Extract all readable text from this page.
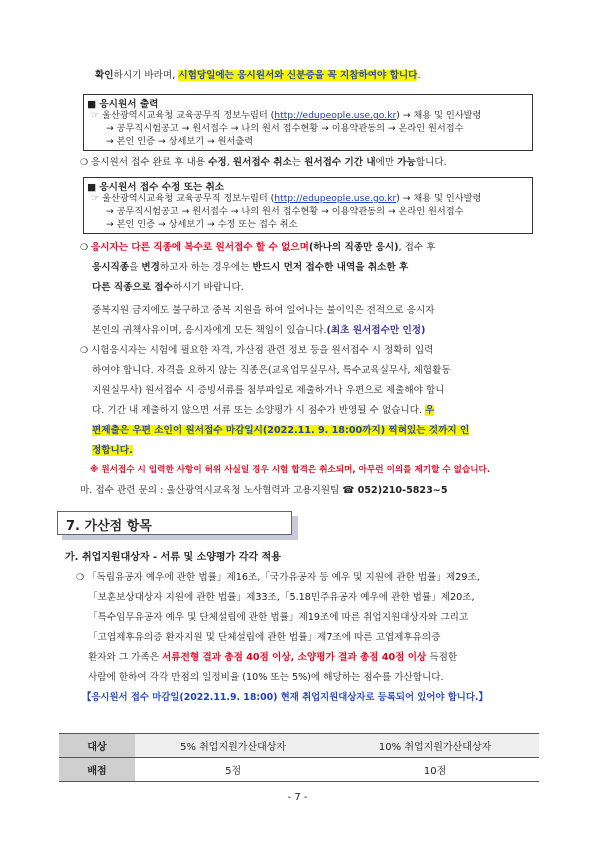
확인하시기 바라며, 시험당일에는 응시원서와 신분증을 꼭 지참하여야 합니다.
■ 응시원서 출력
☞ 울산광역시교육청 교육공무직 정보누림터 (http://edupeople.use.go.kr) → 채용 및 인사발령
→ 공무직시험공고 → 원서접수 → 나의 원서 접수현황 → 이용약관동의 → 온라인 원서접수
→ 본인 인증 → 상세보기 → 원서출력
❍ 응시원서 접수 완료 후 내용 수정, 원서접수 취소는 원서접수 기간 내에만 가능합니다.
■ 응시원서 접수 수정 또는 취소
☞ 울산광역시교육청 교육공무직 정보누림터 (http://edupeople.use.go.kr) → 채용 및 인사발령
→ 공무직시험공고 → 원서접수 → 나의 원서 접수현황 → 이용약관동의 → 온라인 원서접수
→ 본인 인증 → 상세보기 → 수정 또는 접수 취소
❍ 응시자는 다른 직종에 복수로 원서접수 할 수 없으며(하나의 직종만 응시), 접수 후
응시직종을 변경하고자 하는 경우에는 반드시 먼저 접수한 내역을 취소한 후
다른 직종으로 접수하시기 바랍니다.
중복지원 금지에도 불구하고 중복 지원을 하여 일어나는 불이익은 전적으로 응시자
본인의 귀책사유이며, 응시자에게 모든 책임이 있습니다.(최초 원서접수만 인정)
❍ 시험응시자는 시험에 필요한 자격, 가산점 관련 정보 등을 원서접수 시 정확히 입력
하여야 합니다. 자격을 요하지 않는 직종은(교육업무실무사, 특수교육실무사, 체험활동
지원실무사) 원서접수 시 증빙서류를 첨부파일로 제출하거나 우편으로 제출해야 합니
다. 기간 내 제출하지 않으면 서류 또는 소양평가 시 점수가 반영될 수 없습니다. 우
편제출은 우편 소인이 원서접수 마감일시(2022.11. 9. 18:00까지) 찍혀있는 것까지 인
정합니다.
※ 원서접수 시 입력한 사항이 허위 사실일 경우 시험 합격은 취소되며, 아무런 이의를 제기할 수 없습니다.
마. 접수 관련 문의 : 울산광역시교육청 노사협력과 고용지원팀 ☎ 052)210-5823~5
7. 가산점 항목
가. 취업지원대상자 - 서류 및 소양평가 각각 적용
❍ 「독립유공자 예우에 관한 법률」제16조,「국가유공자 등 예우 및 지원에 관한 법률」제29조,
「보훈보상대상자 지원에 관한 법률」제33조,「5.18민주유공자 예우에 관한 법률」제20조,
「특수임무유공자 예우 및 단체설립에 관한 법률」제19조에 따른 취업지원대상자와 그리고
「고엽제후유의증 환자지원 및 단체설립에 관한 법률」제7조에 따른 고엽제후유의증
환자와 그 가족은 서류전형 결과 총점 40점 이상, 소양평가 결과 총점 40점 이상 득점한
사람에 한하여 각각 만점의 일정비율 (10% 또는 5%)에 해당하는 점수를 가산합니다.
【응시원서 접수 마감일(2022.11.9. 18:00) 현재 취업지원대상자로 등록되어 있어야 합니다.】
대상	5% 취업지원가산대상자	10% 취업지원가산대상자
배점	5점	10점
- 7 -
